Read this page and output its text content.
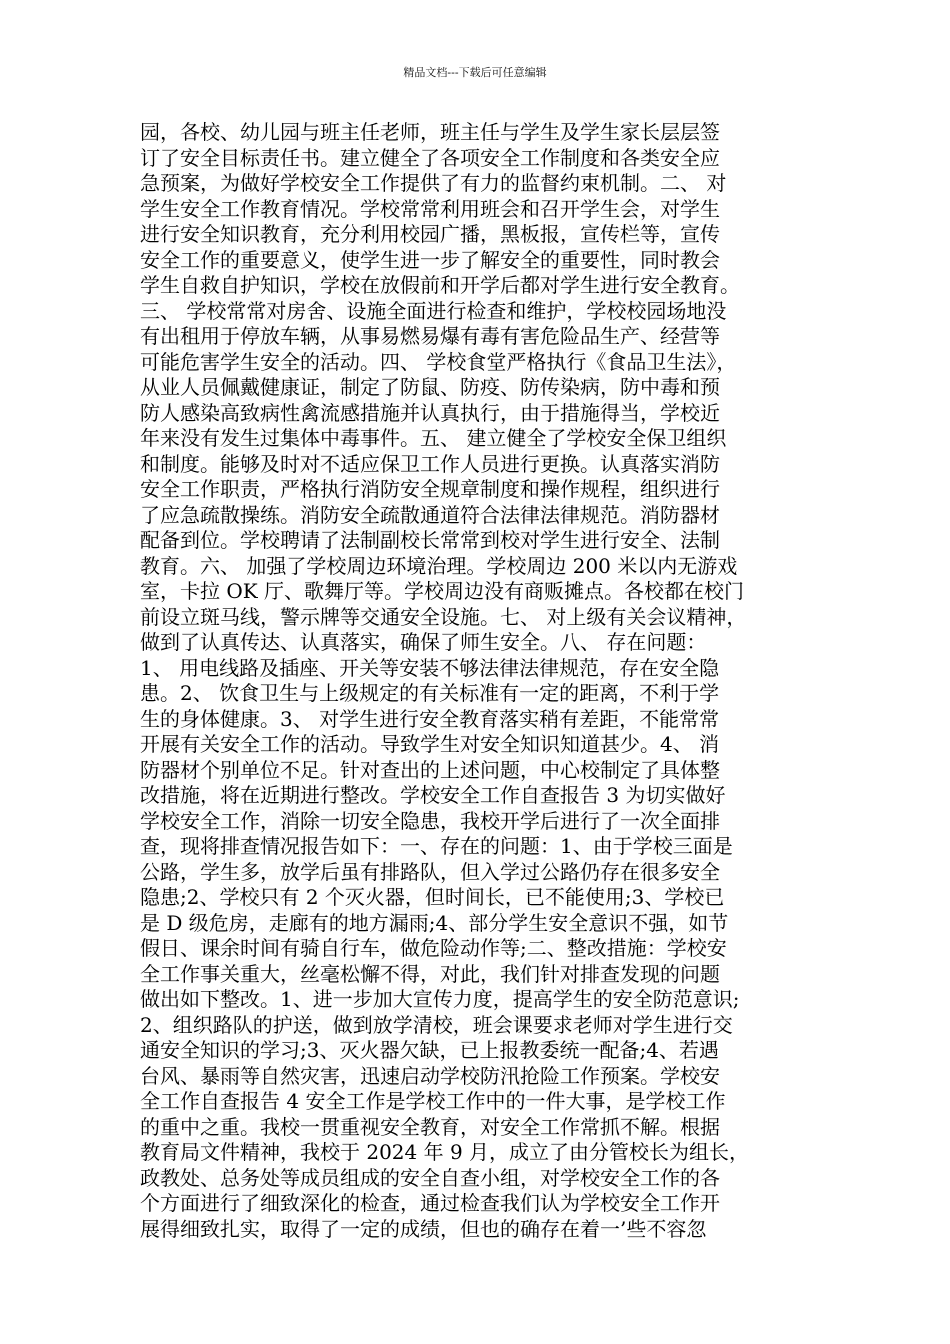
精品文档---下载后可任意编辑
园，各校、幼儿园与班主任老师，班主任与学生及学生家长层层签
订了安全目标责任书。建立健全了各项安全工作制度和各类安全应
急预案，为做好学校安全工作提供了有力的监督约束机制。二、 对
学生安全工作教育情况。学校常常利用班会和召开学生会，对学生
进行安全知识教育，充分利用校园广播，黑板报，宣传栏等，宣传
安全工作的重要意义，使学生进一步了解安全的重要性，同时教会
学生自救自护知识，学校在放假前和开学后都对学生进行安全教育。
三、 学校常常对房舍、设施全面进行检查和维护，学校校园场地没
有出租用于停放车辆，从事易燃易爆有毒有害危险品生产、经营等
可能危害学生安全的活动。四、 学校食堂严格执行《食品卫生法》，
从业人员佩戴健康证，制定了防鼠、防疫、防传染病，防中毒和预
防人感染高致病性禽流感措施并认真执行，由于措施得当，学校近
年来没有发生过集体中毒事件。五、 建立健全了学校安全保卫组织
和制度。能够及时对不适应保卫工作人员进行更换。认真落实消防
安全工作职责，严格执行消防安全规章制度和操作规程，组织进行
了应急疏散操练。消防安全疏散通道符合法律法律规范。消防器材
配备到位。学校聘请了法制副校长常常到校对学生进行安全、法制
教育。六、 加强了学校周边环境治理。学校周边 200 米以内无游戏
室，卡拉 OK 厅、歌舞厅等。学校周边没有商贩摊点。各校都在校门
前设立斑马线，警示牌等交通安全设施。七、 对上级有关会议精神，
做到了认真传达、认真落实，确保了师生安全。八、 存在问题：
1、 用电线路及插座、开关等安装不够法律法律规范，存在安全隐
患。2、 饮食卫生与上级规定的有关标准有一定的距离，不利于学
生的身体健康。3、 对学生进行安全教育落实稍有差距，不能常常
开展有关安全工作的活动。导致学生对安全知识知道甚少。4、 消
防器材个别单位不足。针对查出的上述问题，中心校制定了具体整
改措施，将在近期进行整改。学校安全工作自查报告 3 为切实做好
学校安全工作，消除一切安全隐患，我校开学后进行了一次全面排
查，现将排查情况报告如下：一、存在的问题：1、由于学校三面是
公路，学生多，放学后虽有排路队，但入学过公路仍存在很多安全
隐患;2、学校只有 2 个灭火器，但时间长，已不能使用;3、学校已
是 D 级危房，走廊有的地方漏雨;4、部分学生安全意识不强，如节
假日、课余时间有骑自行车，做危险动作等;二、整改措施：学校安
全工作事关重大，丝毫松懈不得，对此，我们针对排查发现的问题
做出如下整改。1、进一步加大宣传力度，提高学生的安全防范意识;
2、组织路队的护送，做到放学清校，班会课要求老师对学生进行交
通安全知识的学习;3、灭火器欠缺，已上报教委统一配备;4、若遇
台风、暴雨等自然灾害，迅速启动学校防汛抢险工作预案。学校安
全工作自查报告 4 安全工作是学校工作中的一件大事，是学校工作
的重中之重。我校一贯重视安全教育，对安全工作常抓不解。根据
教育局文件精神，我校于 2024 年 9 月，成立了由分管校长为组长，
政教处、总务处等成员组成的安全自查小组，对学校安全工作的各
个方面进行了细致深化的检查，通过检查我们认为学校安全工作开
展得细致扎实，取得了一定的成绩，但也的确存在着一’些不容忽
